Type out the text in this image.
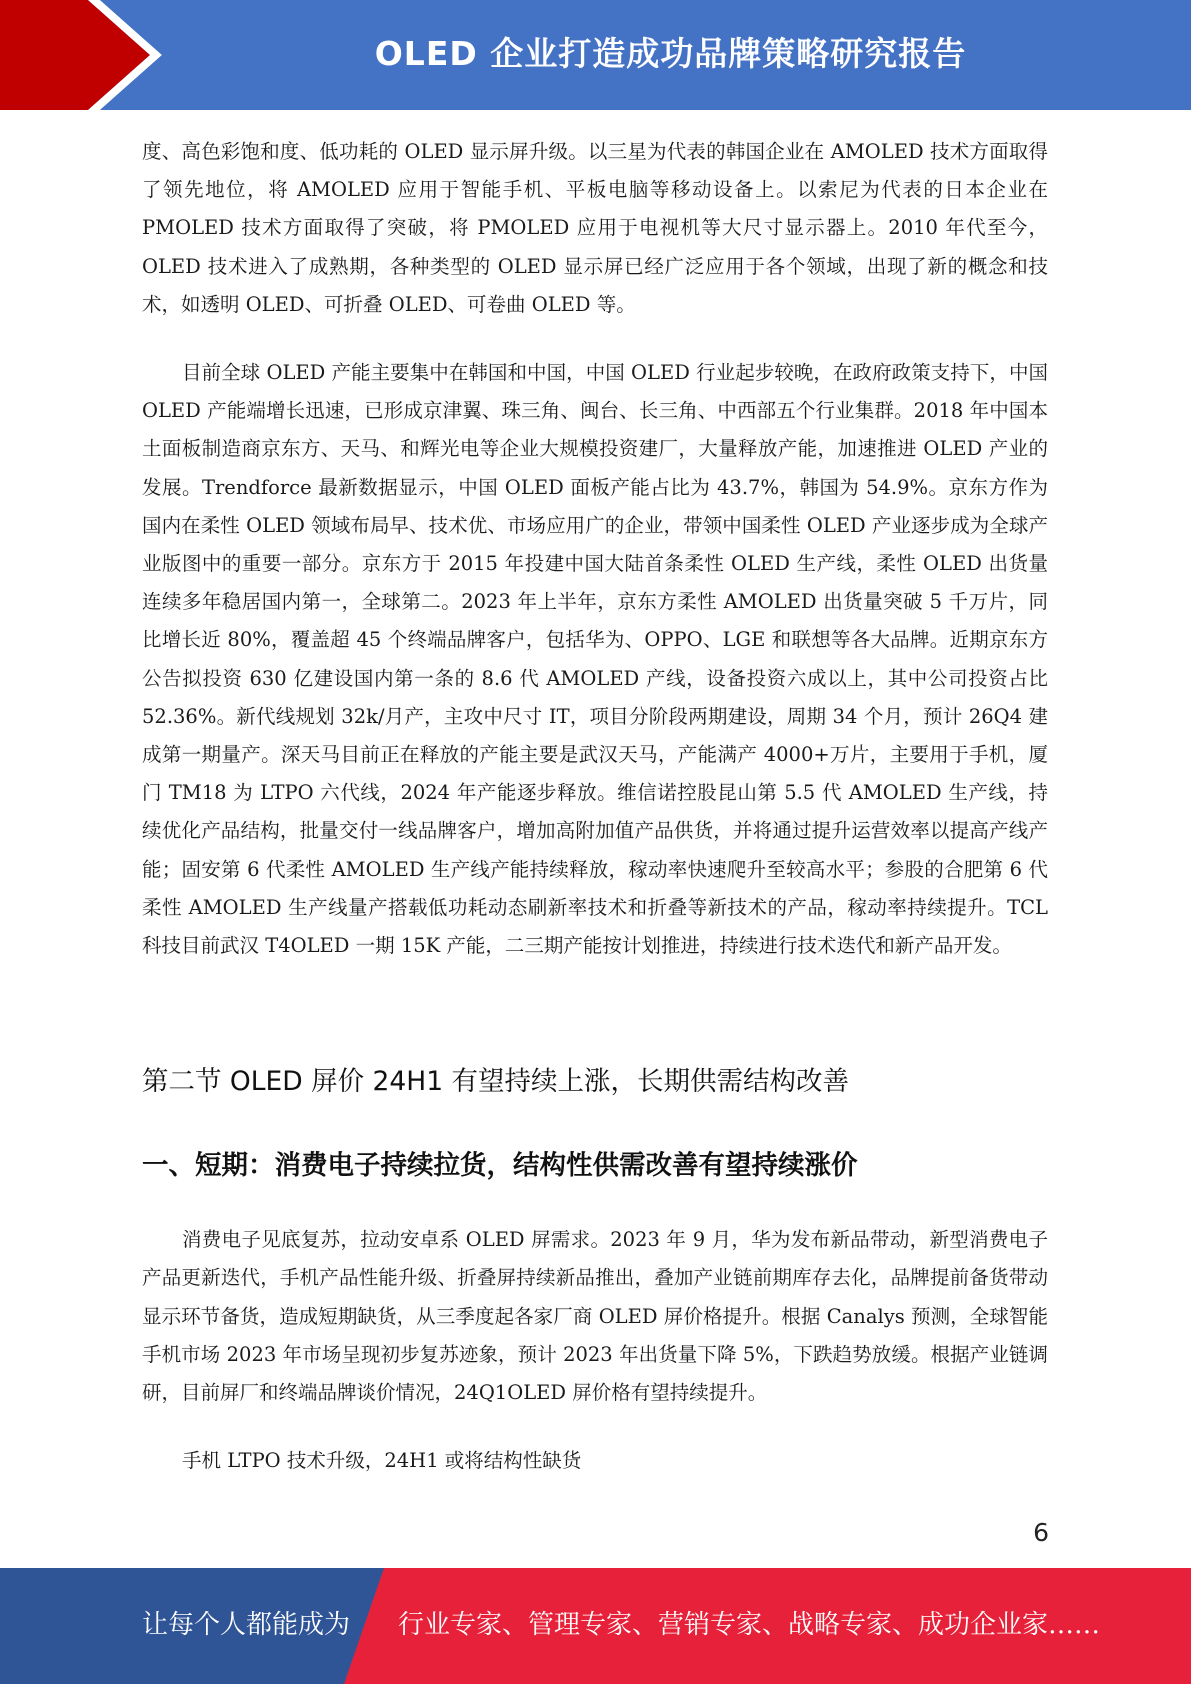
OLED 企业打造成功品牌策略研究报告

度、高色彩饱和度、低功耗的 OLED 显示屏升级。以三星为代表的韩国企业在 AMOLED 技术方面取得了领先地位，将 AMOLED 应用于智能手机、平板电脑等移动设备上。以索尼为代表的日本企业在 PMOLED 技术方面取得了突破，将 PMOLED 应用于电视机等大尺寸显示器上。2010 年代至今，OLED 技术进入了成熟期，各种类型的 OLED 显示屏已经广泛应用于各个领域，出现了新的概念和技术，如透明 OLED、可折叠 OLED、可卷曲 OLED 等。

目前全球 OLED 产能主要集中在韩国和中国，中国 OLED 行业起步较晚，在政府政策支持下，中国 OLED 产能端增长迅速，已形成京津翼、珠三角、闽台、长三角、中西部五个行业集群。2018 年中国本土面板制造商京东方、天马、和辉光电等企业大规模投资建厂，大量释放产能，加速推进 OLED 产业的发展。Trendforce 最新数据显示，中国 OLED 面板产能占比为 43.7%，韩国为 54.9%。京东方作为国内在柔性 OLED 领域布局早、技术优、市场应用广的企业，带领中国柔性 OLED 产业逐步成为全球产业版图中的重要一部分。京东方于 2015 年投建中国大陆首条柔性 OLED 生产线，柔性 OLED 出货量连续多年稳居国内第一，全球第二。2023 年上半年，京东方柔性 AMOLED 出货量突破 5 千万片，同比增长近 80%，覆盖超 45 个终端品牌客户，包括华为、OPPO、LGE 和联想等各大品牌。近期京东方公告拟投资 630 亿建设国内第一条的 8.6 代 AMOLED 产线，设备投资六成以上，其中公司投资占比 52.36%。新代线规划 32k/月产，主攻中尺寸 IT，项目分阶段两期建设，周期 34 个月，预计 26Q4 建成第一期量产。深天马目前正在释放的产能主要是武汉天马，产能满产 4000+万片，主要用于手机，厦门 TM18 为 LTPO 六代线，2024 年产能逐步释放。维信诺控股昆山第 5.5 代 AMOLED 生产线，持续优化产品结构，批量交付一线品牌客户，增加高附加值产品供货，并将通过提升运营效率以提高产线产能；固安第 6 代柔性 AMOLED 生产线产能持续释放，稼动率快速爬升至较高水平；参股的合肥第 6 代柔性 AMOLED 生产线量产搭载低功耗动态刷新率技术和折叠等新技术的产品，稼动率持续提升。TCL 科技目前武汉 T4OLED 一期 15K 产能，二三期产能按计划推进，持续进行技术迭代和新产品开发。

第二节 OLED 屏价 24H1 有望持续上涨，长期供需结构改善
一、短期：消费电子持续拉货，结构性供需改善有望持续涨价

消费电子见底复苏，拉动安卓系 OLED 屏需求。2023 年 9 月，华为发布新品带动，新型消费电子产品更新迭代，手机产品性能升级、折叠屏持续新品推出，叠加产业链前期库存去化，品牌提前备货带动显示环节备货，造成短期缺货，从三季度起各家厂商 OLED 屏价格提升。根据 Canalys 预测，全球智能手机市场 2023 年市场呈现初步复苏迹象，预计 2023 年出货量下降 5%，下跌趋势放缓。根据产业链调研，目前屏厂和终端品牌谈价情况，24Q1OLED 屏价格有望持续提升。

手机 LTPO 技术升级，24H1 或将结构性缺货

6
让每个人都能成为 行业专家、管理专家、营销专家、战略专家、成功企业家……
